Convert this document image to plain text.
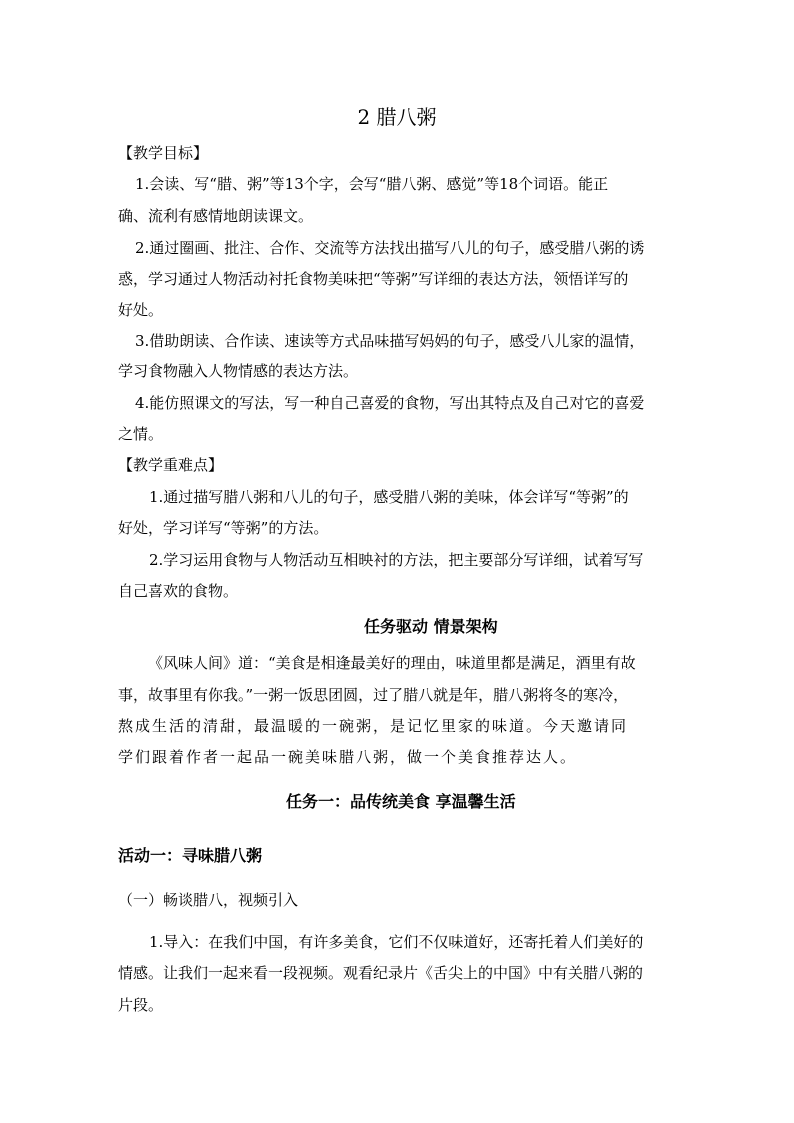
2 腊八粥
【教学目标】
1.会读、写“腊、粥”等13个字，会写“腊八粥、感觉”等18个词语。能正
确、流利有感情地朗读课文。
2.通过圈画、批注、合作、交流等方法找出描写八儿的句子，感受腊八粥的诱
惑，学习通过人物活动衬托食物美味把“等粥”写详细的表达方法，领悟详写的
好处。
3.借助朗读、合作读、速读等方式品味描写妈妈的句子，感受八儿家的温情，
学习食物融入人物情感的表达方法。
4.能仿照课文的写法，写一种自己喜爱的食物，写出其特点及自己对它的喜爱
之情。
【教学重难点】
1.通过描写腊八粥和八儿的句子，感受腊八粥的美味，体会详写“等粥”的
好处，学习详写“等粥”的方法。
2.学习运用食物与人物活动互相映衬的方法，把主要部分写详细，试着写写
自己喜欢的食物。
任务驱动 情景架构
《风味人间》道：“美食是相逢最美好的理由，味道里都是满足，酒里有故
事，故事里有你我。”一粥一饭思团圆，过了腊八就是年，腊八粥将冬的寒冷，
熬成生活的清甜，最温暖的一碗粥，是记忆里家的味道。今天邀请同
学们跟着作者一起品一碗美味腊八粥，做一个美食推荐达人。
任务一：品传统美食 享温馨生活
活动一：寻味腊八粥
（一）畅谈腊八，视频引入
1.导入：在我们中国，有许多美食，它们不仅味道好，还寄托着人们美好的
情感。让我们一起来看一段视频。观看纪录片《舌尖上的中国》中有关腊八粥的
片段。
